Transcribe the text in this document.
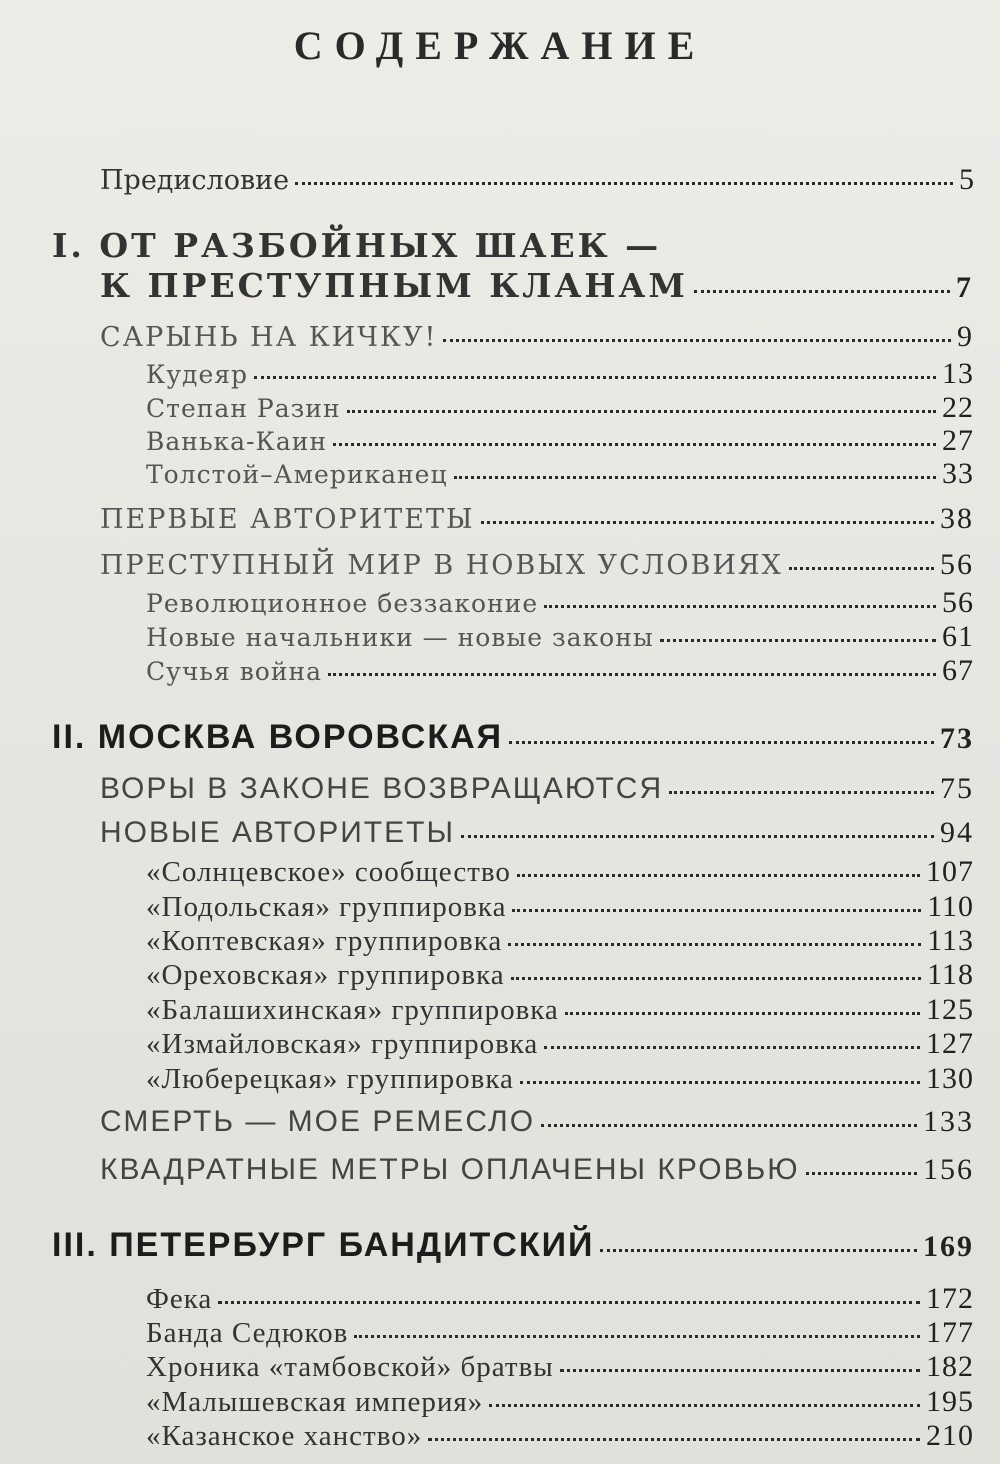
СОДЕРЖАНИЕ
Предисловие	5
I. ОТ РАЗБОЙНЫХ ШАЕК —
К ПРЕСТУПНЫМ КЛАНАМ	7
САРЫНЬ НА КИЧКУ!	9
Кудеяр	13
Степан Разин	22
Ванька-Каин	27
Толстой–Американец	33
ПЕРВЫЕ АВТОРИТЕТЫ	38
ПРЕСТУПНЫЙ МИР В НОВЫХ УСЛОВИЯХ	56
Революционное беззаконие	56
Новые начальники — новые законы	61
Сучья война	67
II. МОСКВА ВОРОВСКАЯ	73
ВОРЫ В ЗАКОНЕ ВОЗВРАЩАЮТСЯ	75
НОВЫЕ АВТОРИТЕТЫ	94
«Солнцевское» сообщество	107
«Подольская» группировка	110
«Коптевская» группировка	113
«Ореховская» группировка	118
«Балашихинская» группировка	125
«Измайловская» группировка	127
«Люберецкая» группировка	130
СМЕРТЬ — МОЕ РЕМЕСЛО	133
КВАДРАТНЫЕ МЕТРЫ ОПЛАЧЕНЫ КРОВЬЮ	156
III. ПЕТЕРБУРГ БАНДИТСКИЙ	169
Фека	172
Банда Седюков	177
Хроника «тамбовской» братвы	182
«Малышевская империя»	195
«Казанское ханство»	210
